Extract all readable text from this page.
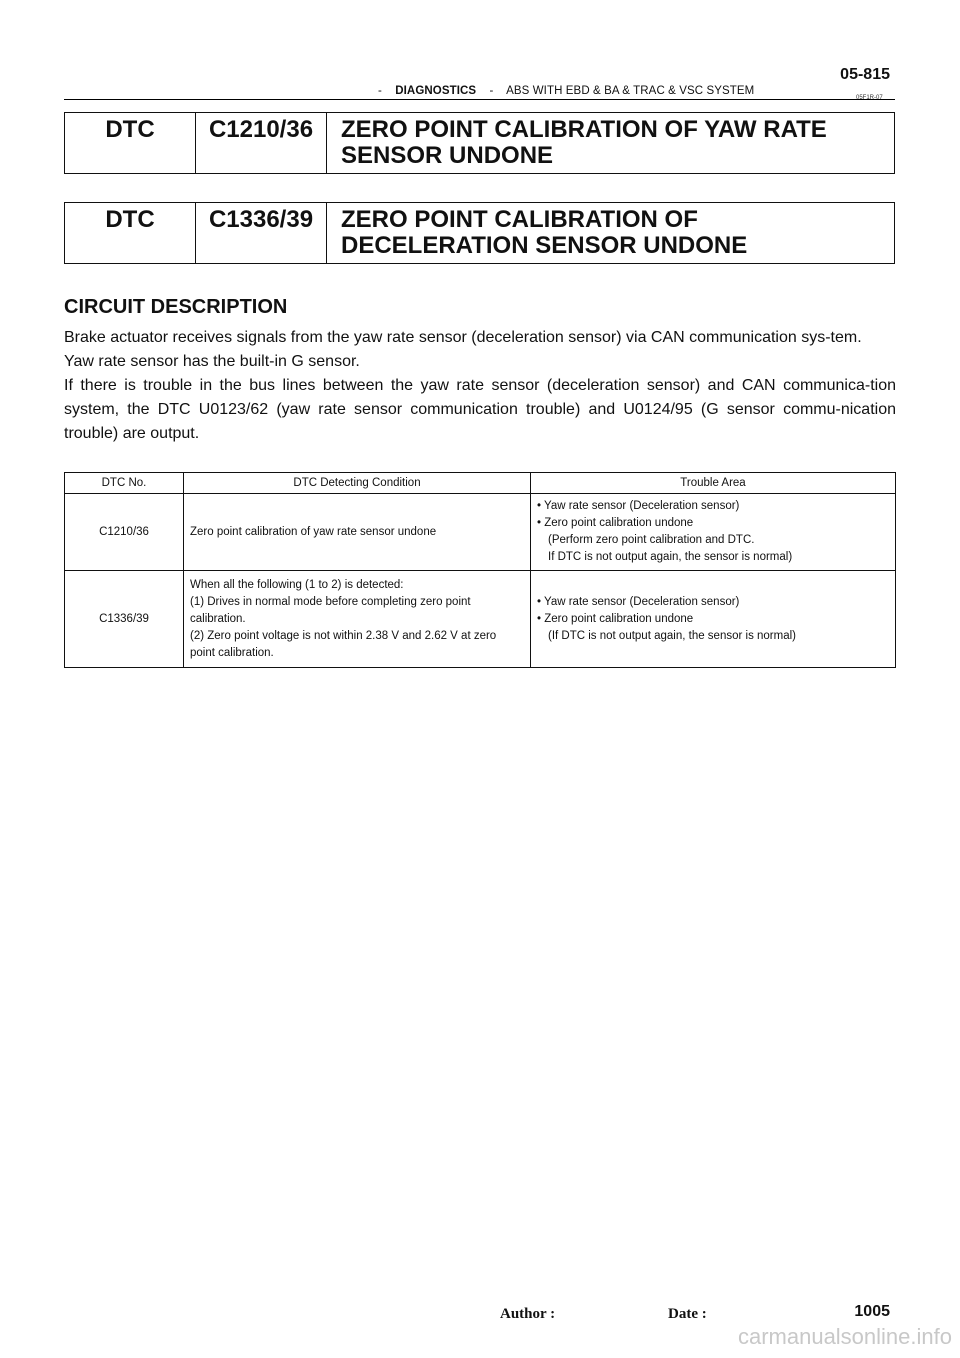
05-815
- DIAGNOSTICS - ABS WITH EBD & BA & TRAC & VSC SYSTEM
05F1R-07
DTC	C1210/36	ZERO POINT CALIBRATION OF YAW RATE
SENSOR UNDONE
DTC	C1336/39	ZERO POINT CALIBRATION OF
DECELERATION SENSOR UNDONE
CIRCUIT DESCRIPTION

Brake actuator receives signals from the yaw rate sensor (deceleration sensor) via CAN communication sys-tem.

Yaw rate sensor has the built-in G sensor.

If there is trouble in the bus lines between the yaw rate sensor (deceleration sensor) and CAN communica-tion system, the DTC U0123/62 (yaw rate sensor communication trouble) and U0124/95 (G sensor commu-nication trouble) are output.

DTC No.	DTC Detecting Condition	Trouble Area
C1210/36	Zero point calibration of yaw rate sensor undone	• Yaw rate sensor (Deceleration sensor)
• Zero point calibration undone
(Perform zero point calibration and DTC.
If DTC is not output again, the sensor is normal)

C1336/39	When all the following (1 to 2) is detected:
(1) Drives in normal mode before completing zero point calibration.
(2) Zero point voltage is not within 2.38 V and 2.62 V at zero point calibration.	• Yaw rate sensor (Deceleration sensor)
• Zero point calibration undone
(If DTC is not output again, the sensor is normal)
Author :	Date :	1005
carmanualsonline.info
